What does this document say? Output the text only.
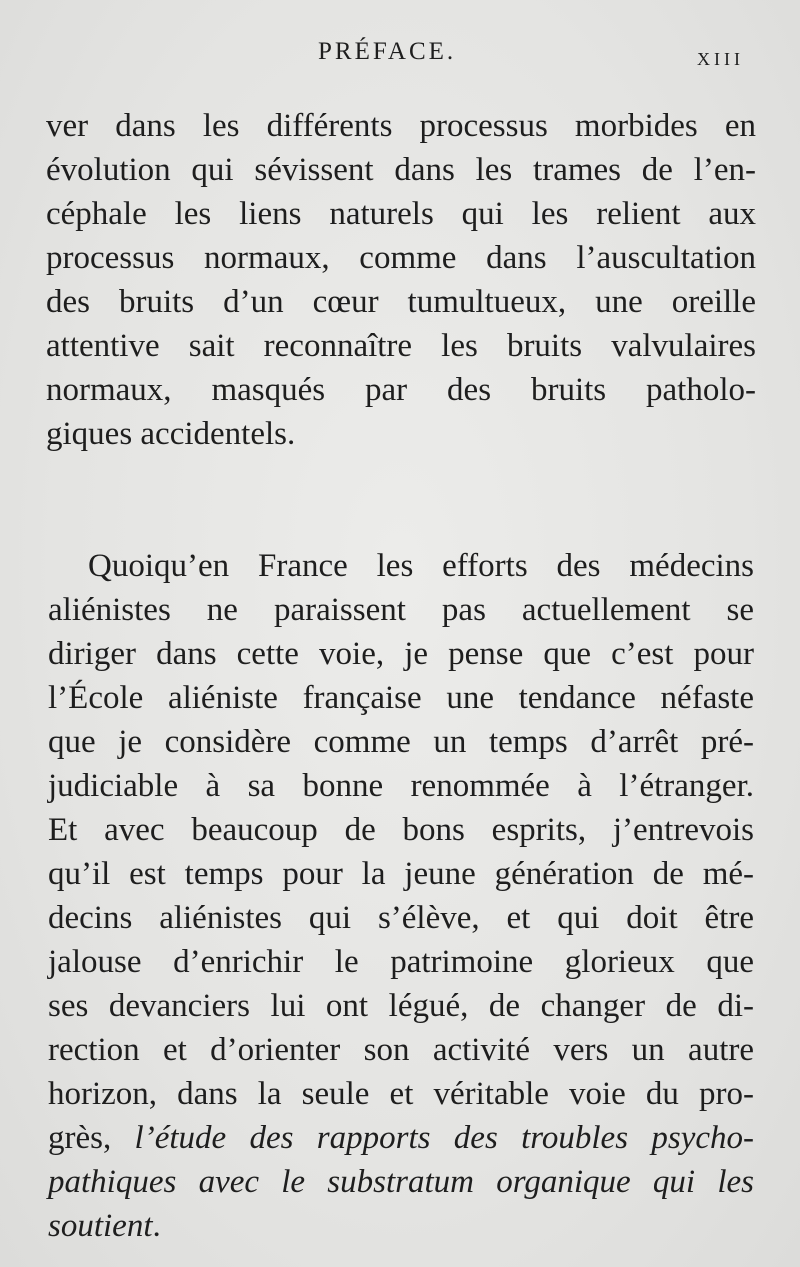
PRÉFACE.	XIII
ver dans les différents processus morbides en
évolution qui sévissent dans les trames de l’en-
céphale les liens naturels qui les relient aux
processus normaux, comme dans l’auscultation
des bruits d’un cœur tumultueux, une oreille
attentive sait reconnaître les bruits valvulaires
normaux, masqués par des bruits patholo-
giques accidentels.
Quoiqu’en France les efforts des médecins
aliénistes ne paraissent pas actuellement se
diriger dans cette voie, je pense que c’est pour
l’École aliéniste française une tendance néfaste
que je considère comme un temps d’arrêt pré-
judiciable à sa bonne renommée à l’étranger.
Et avec beaucoup de bons esprits, j’entrevois
qu’il est temps pour la jeune génération de mé-
decins aliénistes qui s’élève, et qui doit être
jalouse d’enrichir le patrimoine glorieux que
ses devanciers lui ont légué, de changer de di-
rection et d’orienter son activité vers un autre
horizon, dans la seule et véritable voie du pro-
grès, l’étude des rapports des troubles psycho-
pathiques avec le substratum organique qui les
soutient.
